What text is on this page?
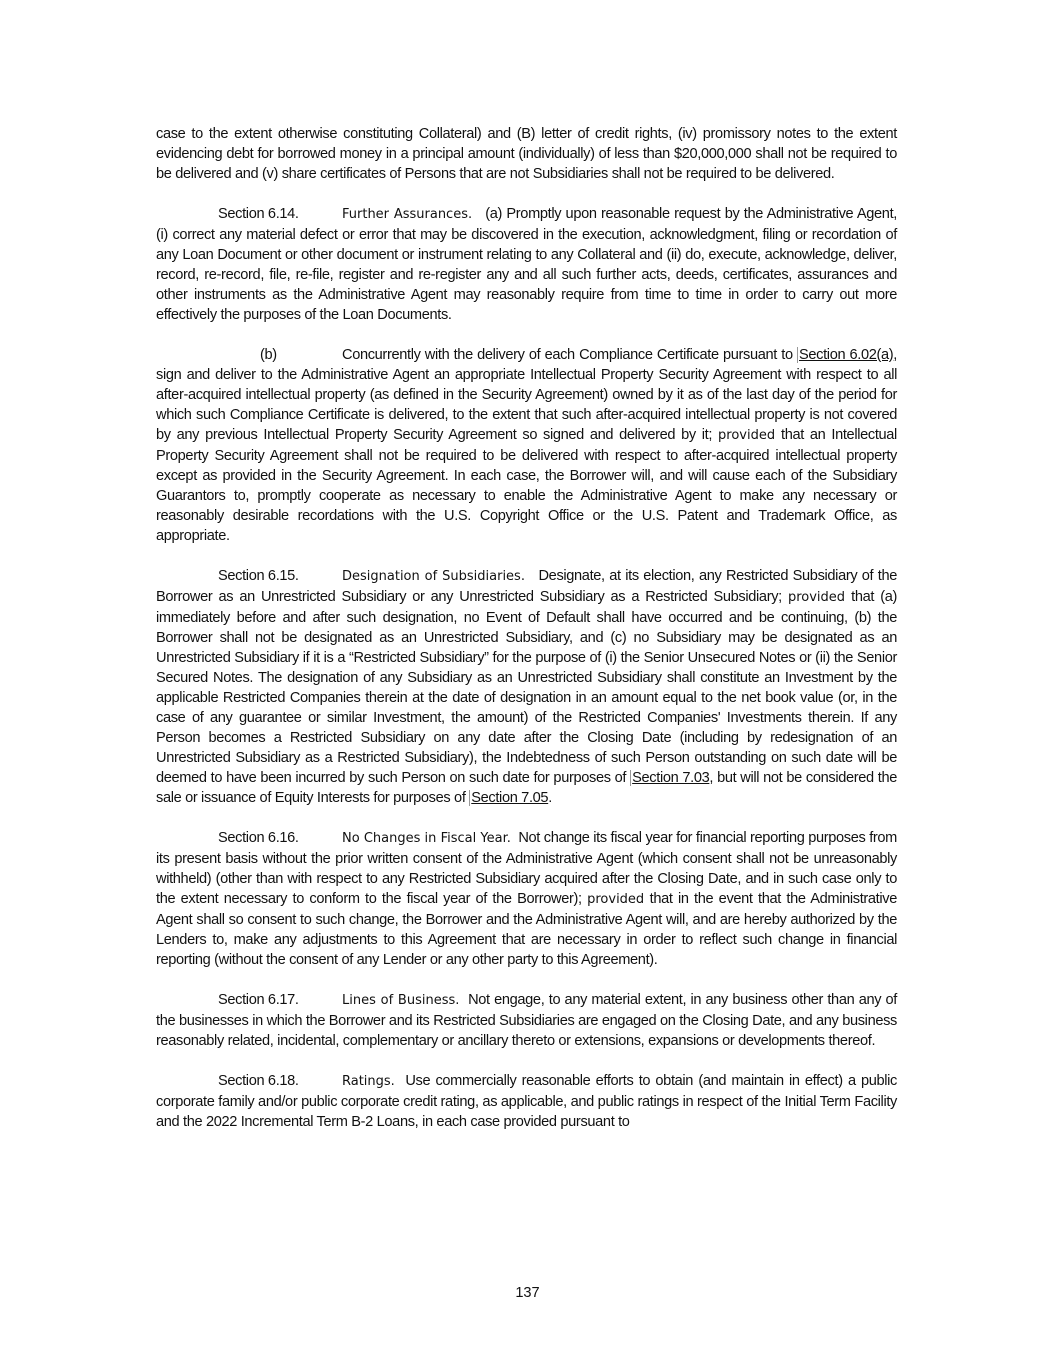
case to the extent otherwise constituting Collateral) and (B) letter of credit rights, (iv) promissory notes to the extent evidencing debt for borrowed money in a principal amount (individually) of less than $20,000,000 shall not be required to be delivered and (v) share certificates of Persons that are not Subsidiaries shall not be required to be delivered.

Section 6.14.	Further Assurances. (a) Promptly upon reasonable request by the Administrative Agent, (i) correct any material defect or error that may be discovered in the execution, acknowledgment, filing or recordation of any Loan Document or other document or instrument relating to any Collateral and (ii) do, execute, acknowledge, deliver, record, re-record, file, re-file, register and re-register any and all such further acts, deeds, certificates, assurances and other instruments as the Administrative Agent may reasonably require from time to time in order to carry out more effectively the purposes of the Loan Documents.

(b)	Concurrently with the delivery of each Compliance Certificate pursuant to Section 6.02(a), sign and deliver to the Administrative Agent an appropriate Intellectual Property Security Agreement with respect to all after-acquired intellectual property (as defined in the Security Agreement) owned by it as of the last day of the period for which such Compliance Certificate is delivered, to the extent that such after-acquired intellectual property is not covered by any previous Intellectual Property Security Agreement so signed and delivered by it; provided that an Intellectual Property Security Agreement shall not be required to be delivered with respect to after-acquired intellectual property except as provided in the Security Agreement. In each case, the Borrower will, and will cause each of the Subsidiary Guarantors to, promptly cooperate as necessary to enable the Administrative Agent to make any necessary or reasonably desirable recordations with the U.S. Copyright Office or the U.S. Patent and Trademark Office, as appropriate.

Section 6.15.	Designation of Subsidiaries. Designate, at its election, any Restricted Subsidiary of the Borrower as an Unrestricted Subsidiary or any Unrestricted Subsidiary as a Restricted Subsidiary; provided that (a) immediately before and after such designation, no Event of Default shall have occurred and be continuing, (b) the Borrower shall not be designated as an Unrestricted Subsidiary, and (c) no Subsidiary may be designated as an Unrestricted Subsidiary if it is a “Restricted Subsidiary” for the purpose of (i) the Senior Unsecured Notes or (ii) the Senior Secured Notes. The designation of any Subsidiary as an Unrestricted Subsidiary shall constitute an Investment by the applicable Restricted Companies therein at the date of designation in an amount equal to the net book value (or, in the case of any guarantee or similar Investment, the amount) of the Restricted Companies' Investments therein. If any Person becomes a Restricted Subsidiary on any date after the Closing Date (including by redesignation of an Unrestricted Subsidiary as a Restricted Subsidiary), the Indebtedness of such Person outstanding on such date will be deemed to have been incurred by such Person on such date for purposes of Section 7.03, but will not be considered the sale or issuance of Equity Interests for purposes of Section 7.05.

Section 6.16.	No Changes in Fiscal Year. Not change its fiscal year for financial reporting purposes from its present basis without the prior written consent of the Administrative Agent (which consent shall not be unreasonably withheld) (other than with respect to any Restricted Subsidiary acquired after the Closing Date, and in such case only to the extent necessary to conform to the fiscal year of the Borrower); provided that in the event that the Administrative Agent shall so consent to such change, the Borrower and the Administrative Agent will, and are hereby authorized by the Lenders to, make any adjustments to this Agreement that are necessary in order to reflect such change in financial reporting (without the consent of any Lender or any other party to this Agreement).

Section 6.17.	Lines of Business. Not engage, to any material extent, in any business other than any of the businesses in which the Borrower and its Restricted Subsidiaries are engaged on the Closing Date, and any business reasonably related, incidental, complementary or ancillary thereto or extensions, expansions or developments thereof.

Section 6.18.	Ratings. Use commercially reasonable efforts to obtain (and maintain in effect) a public corporate family and/or public corporate credit rating, as applicable, and public ratings in respect of the Initial Term Facility and the 2022 Incremental Term B-2 Loans, in each case provided pursuant to

137
